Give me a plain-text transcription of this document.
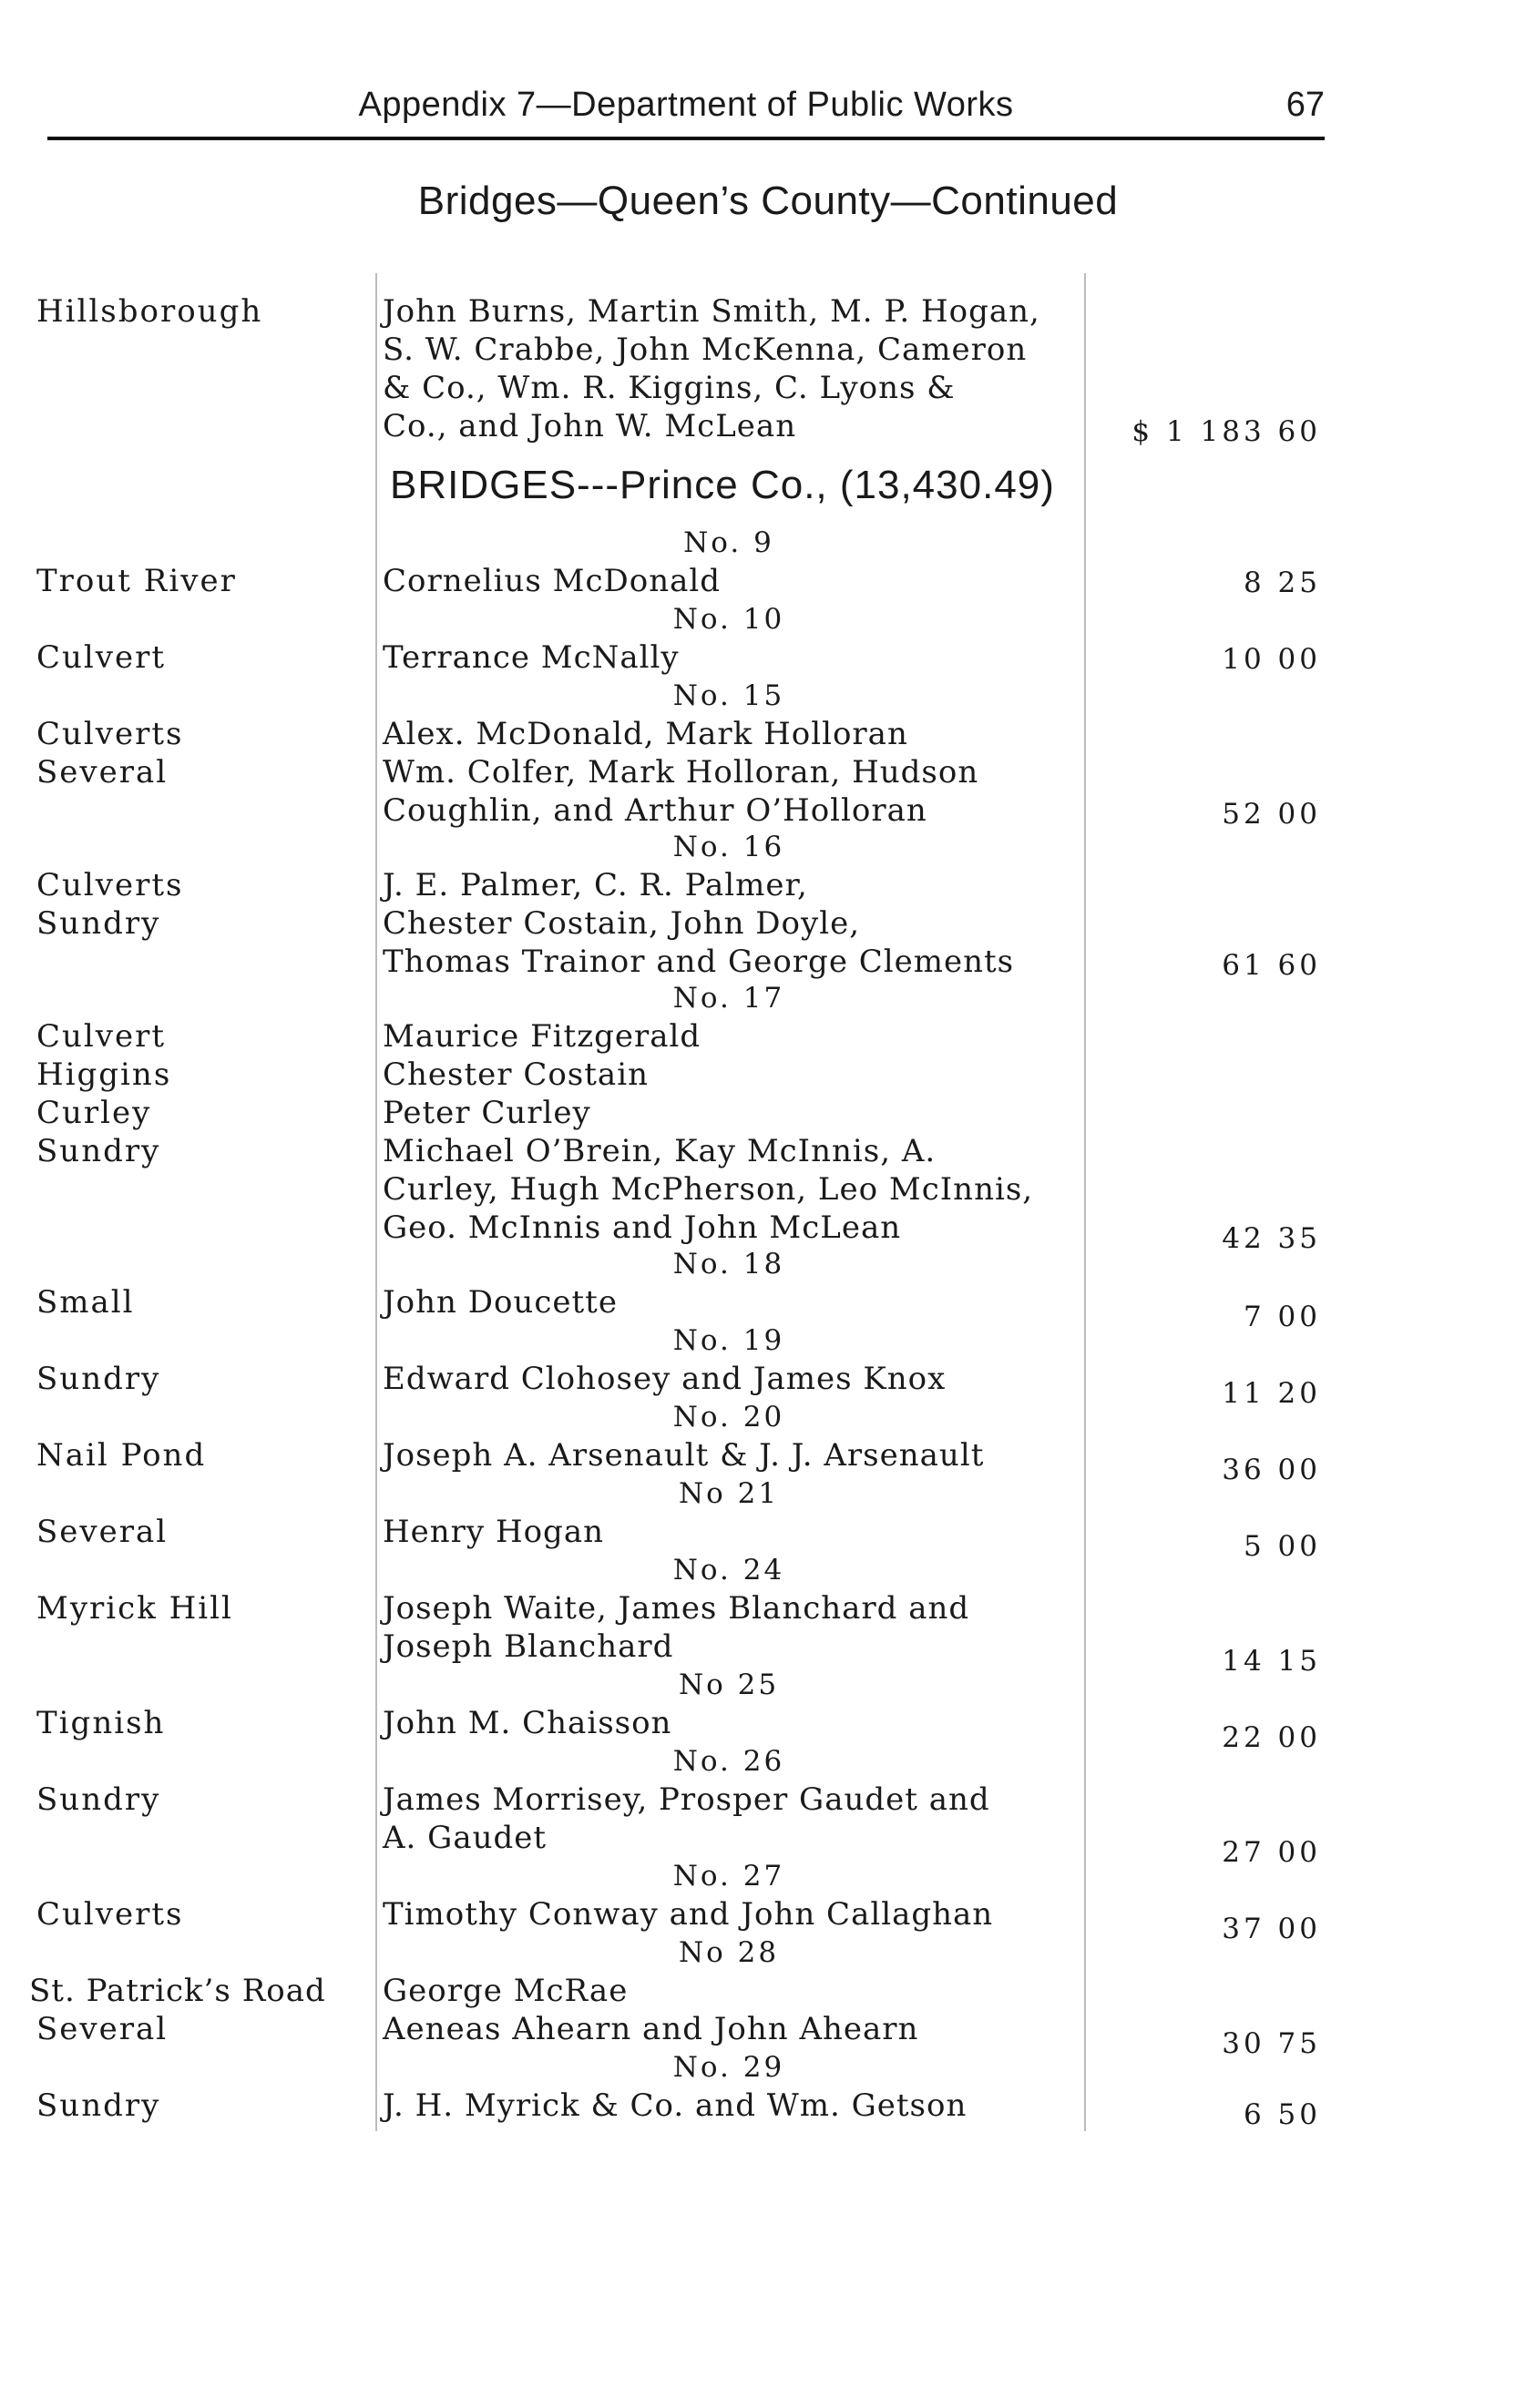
Appendix 7—Department of Public Works	67
Bridges—Queen’s County—Continued
Hillsborough	John Burns, Martin Smith, M. P. Hogan,
S. W. Crabbe, John McKenna, Cameron
& Co., Wm. R. Kiggins, C. Lyons &
Co., and John W. McLean	$ 1 183 60
BRIDGES---Prince Co., (13,430.49)
No. 9
Trout River	Cornelius McDonald	8 25
No. 10
Culvert	Terrance McNally	10 00
No. 15
Culverts	Alex. McDonald, Mark Holloran
Several	Wm. Colfer, Mark Holloran, Hudson
Coughlin, and Arthur O’Holloran	52 00
No. 16
Culverts	J. E. Palmer, C. R. Palmer,
Sundry	Chester Costain, John Doyle,
Thomas Trainor and George Clements	61 60
No. 17
Culvert	Maurice Fitzgerald
Higgins	Chester Costain
Curley	Peter Curley
Sundry	Michael O’Brein, Kay McInnis, A.
Curley, Hugh McPherson, Leo McInnis,
Geo. McInnis and John McLean	42 35
No. 18
Small	John Doucette	7 00
No. 19
Sundry	Edward Clohosey and James Knox	11 20
No. 20
Nail Pond	Joseph A. Arsenault & J. J. Arsenault	36 00
No 21
Several	Henry Hogan	5 00
No. 24
Myrick Hill	Joseph Waite, James Blanchard and
Joseph Blanchard	14 15
No 25
Tignish	John M. Chaisson	22 00
No. 26
Sundry	James Morrisey, Prosper Gaudet and
A. Gaudet	27 00
No. 27
Culverts	Timothy Conway and John Callaghan	37 00
No 28
St. Patrick’s Road George McRae
Several	Aeneas Ahearn and John Ahearn	30 75
No. 29
Sundry	J. H. Myrick & Co. and Wm. Getson	6 50
